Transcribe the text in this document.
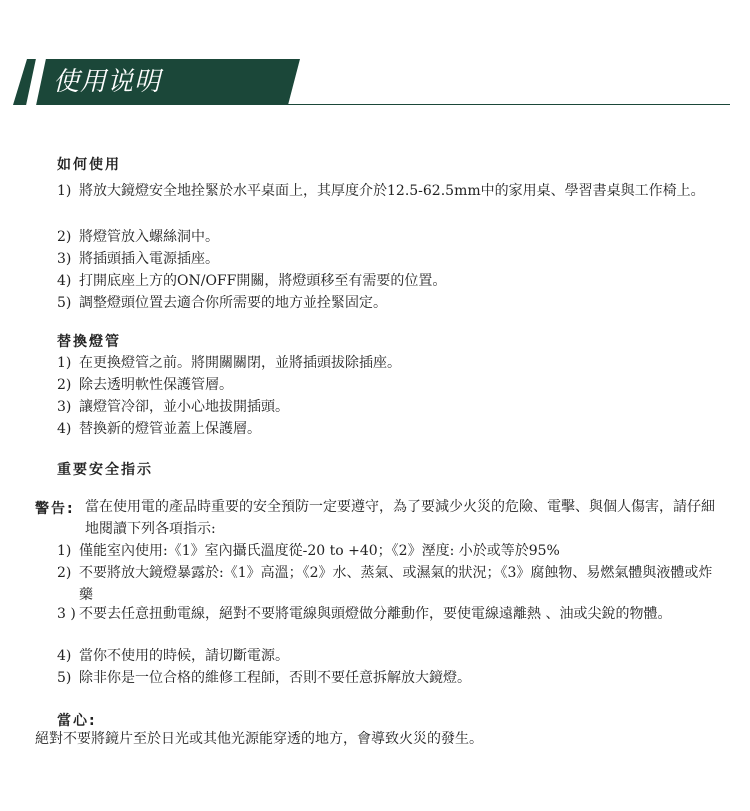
使用说明
如何使用
1) 將放大鏡燈安全地拴緊於水平桌面上，其厚度介於12.5-62.5mm中的家用桌、學習書桌與工作椅上。
2) 將燈管放入螺絲洞中。
3) 將插頭插入電源插座。
4) 打開底座上方的ON/OFF開關，將燈頭移至有需要的位置。
5) 調整燈頭位置去適合你所需要的地方並拴緊固定。
替換燈管
1) 在更換燈管之前。將開關關閉，並將插頭拔除插座。
2) 除去透明軟性保護管層。
3) 讓燈管冷卻，並小心地拔開插頭。
4) 替換新的燈管並蓋上保護層。
重要安全指示
警告: 當在使用電的產品時重要的安全預防一定要遵守，為了要減少火災的危險、電擊、與個人傷害，請仔細地閱讀下列各項指示:
1) 僅能室內使用:《1》室內攝氏溫度從-20 to +40；《2》溼度: 小於或等於95%
2) 不要將放大鏡燈暴露於:《1》高溫；《2》水、蒸氣、或濕氣的狀況；《3》腐蝕物、易燃氣體與液體或炸藥
3 ) 不要去任意扭動電線，絕對不要將電線與頭燈做分離動作，要使電線遠離熱 、油或尖銳的物體。
4) 當你不使用的時候，請切斷電源。
5) 除非你是一位合格的維修工程師，否則不要任意拆解放大鏡燈。
當心:
絕對不要將鏡片至於日光或其他光源能穿透的地方，會導致火災的發生。
